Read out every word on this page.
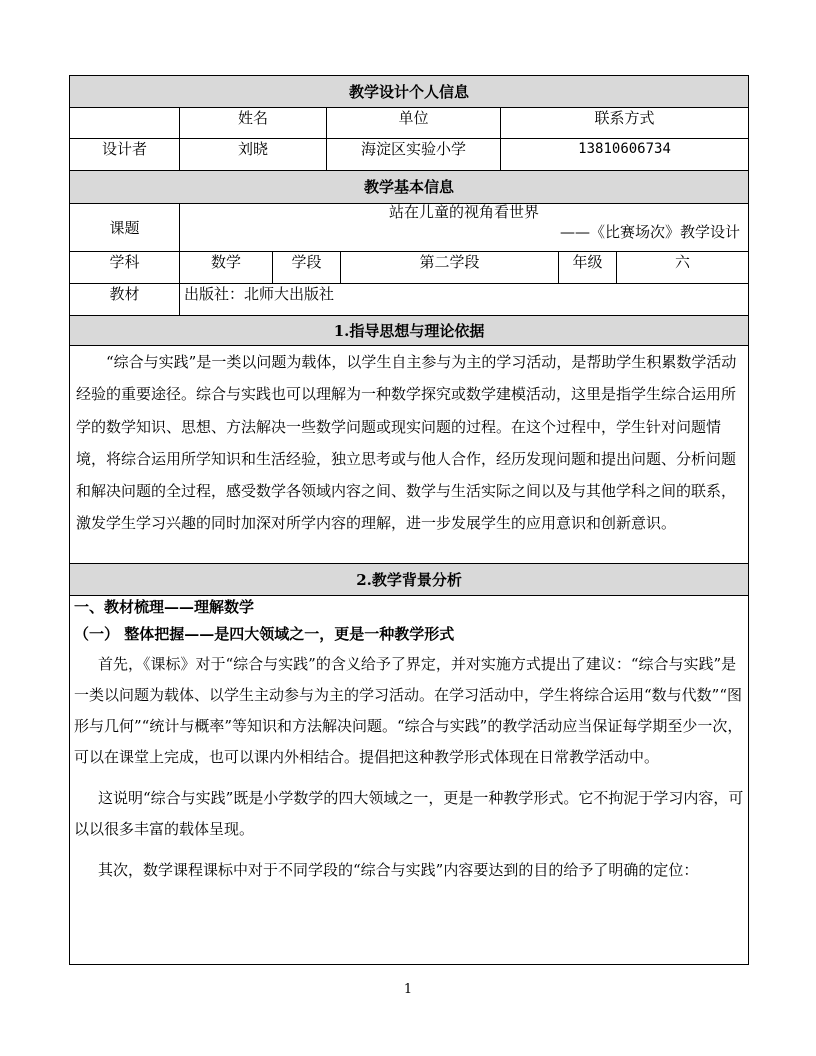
教学设计个人信息							
	姓名		单位		联系方式		
设计者	刘晓		海淀区实验小学		13810606734		
教学基本信息							
课题	站在儿童的视角看世界
——《比赛场次》教学设计						

学科	数学	学段		第二学段		年级	六
教材	出版社：北师大出版社						
1.指导思想与理论依据							

“综合与实践”是一类以问题为载体，以学生自主参与为主的学习活动，是帮助学生积累数学活动经验的重要途径。综合与实践也可以理解为一种数学探究或数学建模活动，这里是指学生综合运用所学的数学知识、思想、方法解决一些数学问题或现实问题的过程。在这个过程中，学生针对问题情境，将综合运用所学知识和生活经验，独立思考或与他人合作，经历发现问题和提出问题、分析问题和解决问题的全过程，感受数学各领域内容之间、数学与生活实际之间以及与其他学科之间的联系，激发学生学习兴趣的同时加深对所学内容的理解，进一步发展学生的应用意识和创新意识。							

2.教学背景分析							

一、教材梳理——理解数学

（一） 整体把握——是四大领域之一，更是一种教学形式

首先，《课标》对于“综合与实践”的含义给予了界定，并对实施方式提出了建议：“综合与实践”是一类以问题为载体、以学生主动参与为主的学习活动。在学习活动中，学生将综合运用“数与代数”“图形与几何”“统计与概率”等知识和方法解决问题。“综合与实践”的教学活动应当保证每学期至少一次，可以在课堂上完成，也可以课内外相结合。提倡把这种教学形式体现在日常教学活动中。

这说明“综合与实践”既是小学数学的四大领域之一，更是一种教学形式。它不拘泥于学习内容，可以以很多丰富的载体呈现。

其次，数学课程课标中对于不同学段的“综合与实践”内容要达到的目的给予了明确的定位：							

1
